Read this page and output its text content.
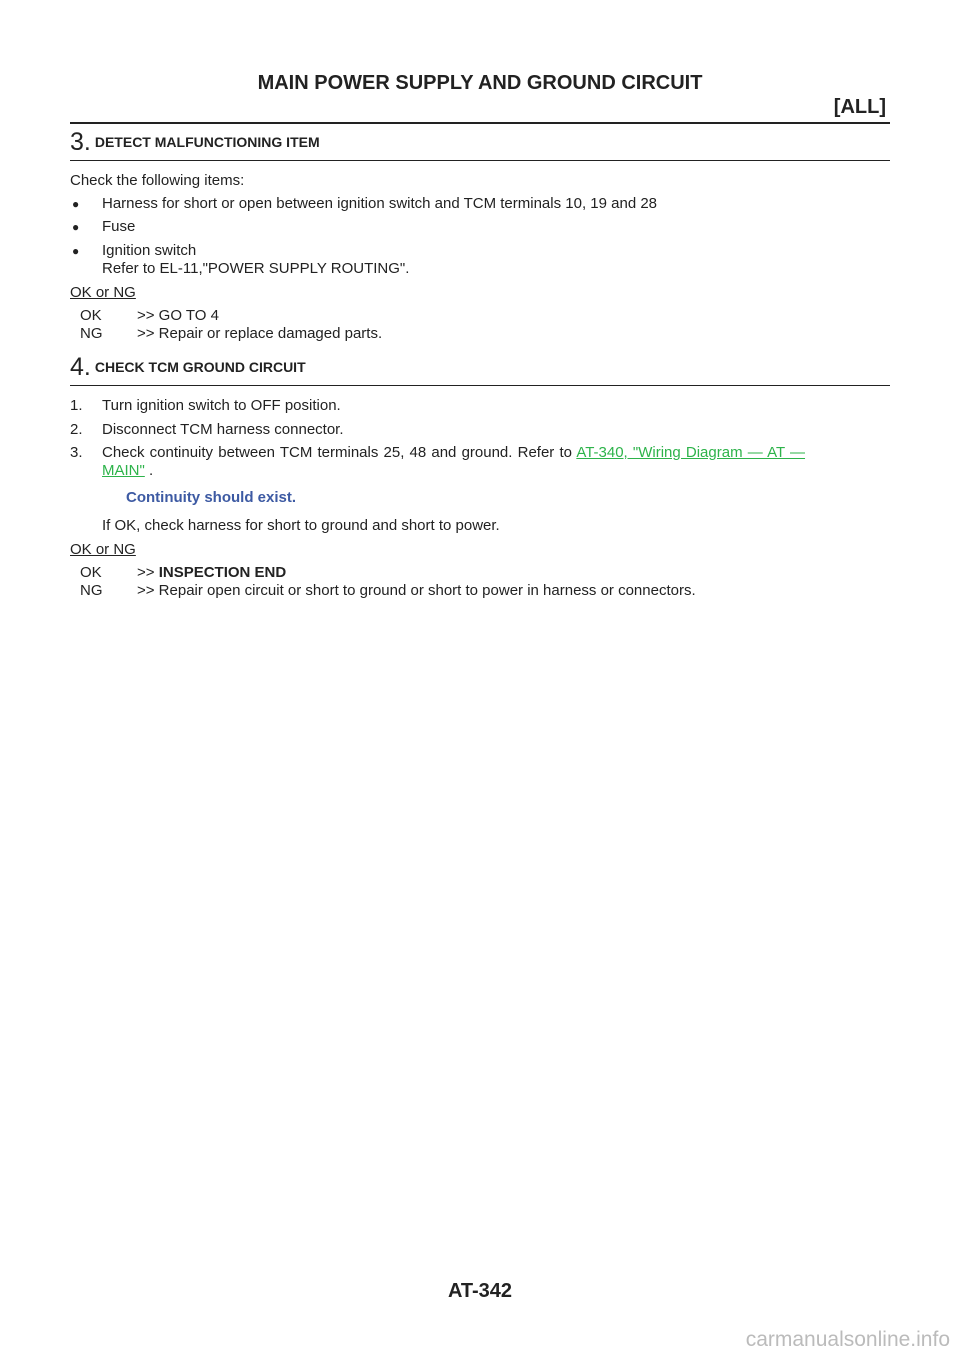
MAIN POWER SUPPLY AND GROUND CIRCUIT
[ALL]
3. DETECT MALFUNCTIONING ITEM
Check the following items:
● Harness for short or open between ignition switch and TCM terminals 10, 19 and 28
● Fuse
● Ignition switch
Refer to EL-11,"POWER SUPPLY ROUTING".
OK or NG
OK >> GO TO 4
NG >> Repair or replace damaged parts.
4. CHECK TCM GROUND CIRCUIT
1. Turn ignition switch to OFF position.
2. Disconnect TCM harness connector.
3. Check continuity between TCM terminals 25, 48 and ground. Refer to AT-340, "Wiring Diagram — AT —
MAIN" .
Continuity should exist.
If OK, check harness for short to ground and short to power.
OK or NG
OK >> INSPECTION END
NG >> Repair open circuit or short to ground or short to power in harness or connectors.
AT-342
carmanualsonline.info
